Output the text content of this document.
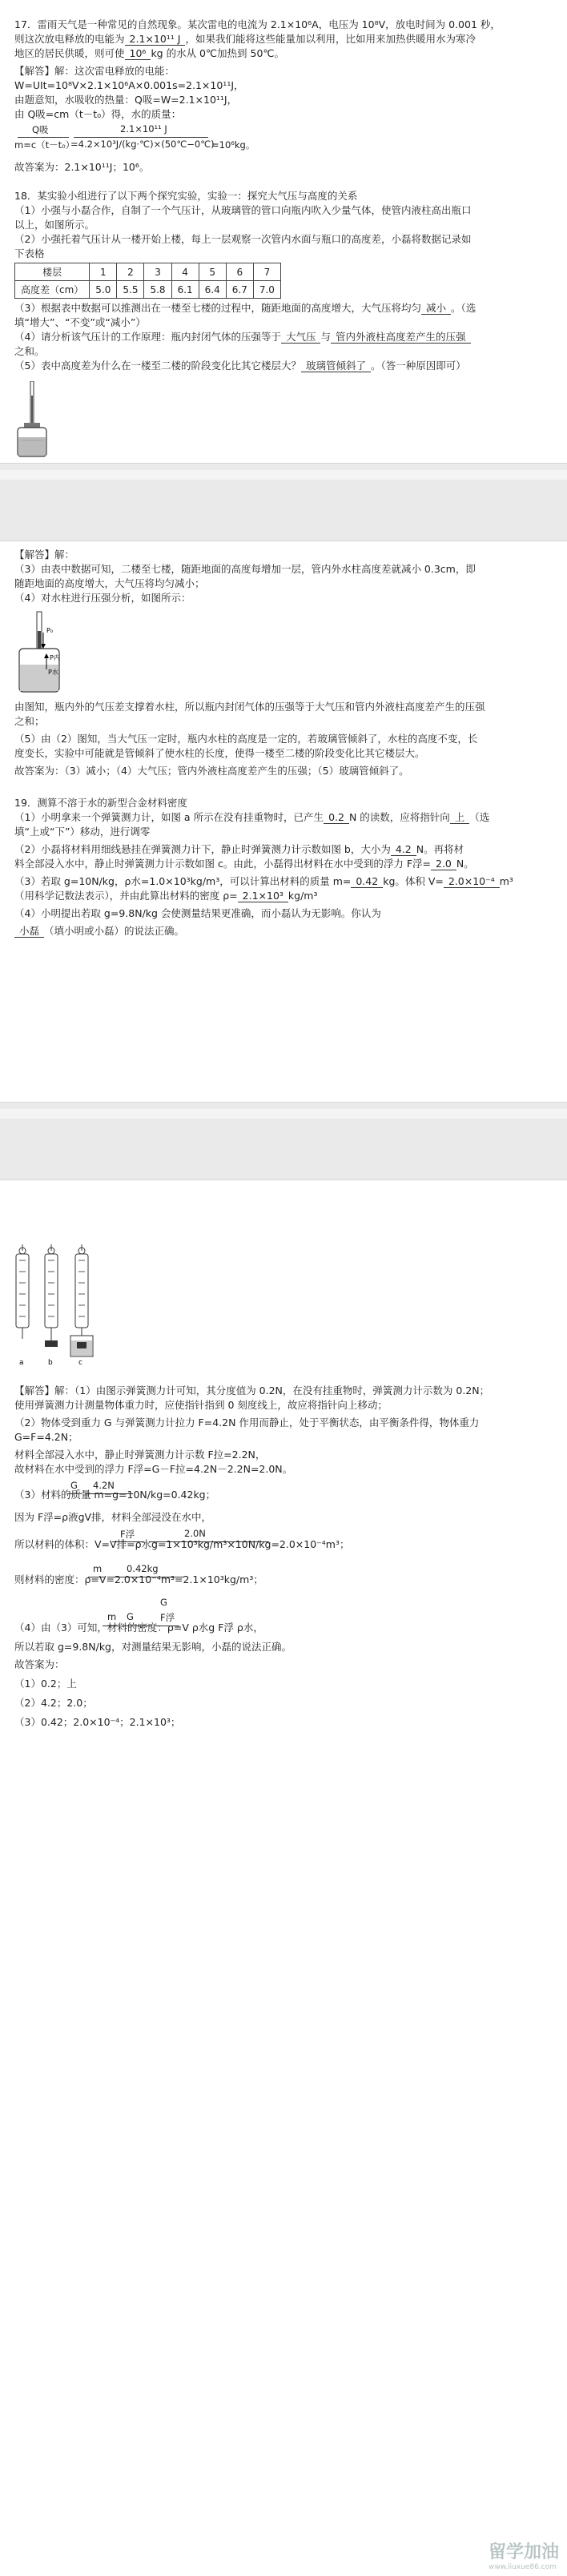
17．雷雨天气是一种常见的自然现象。某次雷电的电流为 2.1×10⁶A，电压为 10⁸V，放电时间为 0.001 秒，
则这次放电释放的电能为 2.1×10¹¹ J ，如果我们能将这些能量加以利用，比如用来加热供暖用水为寒冷
地区的居民供暖，则可使 10⁶ kg 的水从 0℃加热到 50℃。
【解答】解：这次雷电释放的电能：
W=UIt=10⁸V×2.1×10⁶A×0.001s=2.1×10¹¹J，
由题意知，水吸收的热量：Q吸=W=2.1×10¹¹J，
由 Q吸=cm（t－t₀）得，水的质量：
Q吸	2.1×10¹¹ J
m=c（t－t₀）
=4.2×10³J/(kg·℃)×(50℃−0℃)
=10⁶kg。
故答案为：2.1×10¹¹J；10⁶。
18．某实验小组进行了以下两个探究实验，实验一：探究大气压与高度的关系
（1）小强与小磊合作，自制了一个气压计，从玻璃管的管口向瓶内吹入少量气体，使管内液柱高出瓶口
以上，如图所示。
（2）小强托着气压计从一楼开始上楼，每上一层观察一次管内水面与瓶口的高度差，小磊将数据记录如
下表格
楼层	1	2	3	4	5	6	7
高度差（cm）	5.0	5.5	5.8	6.1	6.4	6.7	7.0
（3）根据表中数据可以推测出在一楼至七楼的过程中，随距地面的高度增大，大气压将均匀 减小 。（选
填“增大”、“不变”或“减小”）
（4）请分析该气压计的工作原理：瓶内封闭气体的压强等于 大气压 与 管内外液柱高度差产生的压强
之和。
（5）表中高度差为什么在一楼至二楼的阶段变化比其它楼层大？ 玻璃管倾斜了 。（答一种原因即可）
【解答】解：
（3）由表中数据可知，二楼至七楼，随距地面的高度每增加一层，管内外水柱高度差就减小 0.3cm，即
随距地面的高度增大，大气压将均匀减小；
（4）对水柱进行压强分析，如图所示：
P₀
P内
P水
由图知，瓶内外的气压差支撑着水柱，所以瓶内封闭气体的压强等于大气压和管内外液柱高度差产生的压强
之和；
（5）由（2）图知，当大气压一定时，瓶内水柱的高度是一定的，若玻璃管倾斜了，水柱的高度不变，长
度变长，实验中可能就是管倾斜了使水柱的长度，使得一楼至二楼的阶段变化比其它楼层大。
故答案为：（3）减小；（4）大气压；管内外液柱高度差产生的压强；（5）玻璃管倾斜了。
19．测算不溶于水的新型合金材料密度
（1）小明拿来一个弹簧测力计，如图 a 所示在没有挂重物时，已产生 0.2 N 的读数，应将指针向 上 （选
填“上或“下”）移动，进行调零
（2）小磊将材料用细线悬挂在弹簧测力计下，静止时弹簧测力计示数如图 b，大小为 4.2 N。再将材
料全部浸入水中，静止时弹簧测力计示数如图 c。由此，小磊得出材料在水中受到的浮力 F浮= 2.0 N。
（3）若取 g=10N/kg，ρ水=1.0×10³kg/m³，可以计算出材料的质量 m= 0.42 kg。体积 V= 2.0×10⁻⁴ m³
（用科学记数法表示），并由此算出材料的密度 ρ= 2.1×10³ kg/m³
（4）小明提出若取 g=9.8N/kg 会使测量结果更准确，而小磊认为无影响。你认为
小磊 （填小明或小磊）的说法正确。
a	b	c
【解答】解：（1）由图示弹簧测力计可知，其分度值为 0.2N，在没有挂重物时，弹簧测力计示数为 0.2N；
使用弹簧测力计测量物体重力时，应使指针指到 0 刻度线上，故应将指针向上移动；
（2）物体受到重力 G 与弹簧测力计拉力 F=4.2N 作用而静止，处于平衡状态，由平衡条件得，物体重力
G=F=4.2N；
材料全部浸入水中，静止时弹簧测力计示数 F拉=2.2N，
故材料在水中受到的浮力 F浮=G－F拉=4.2N－2.2N=2.0N。
G 4.2N
（3）材料的质量 m=g=10N/kg=0.42kg；
因为 F浮=ρ液gV排，材料全部浸没在水中，
F浮	2.0N
所以材料的体积：V=V排=ρ水g=1×10³kg/m³×10N/kg=2.0×10⁻⁴m³；
m	0.42kg
则材料的密度：ρ=V=2.0×10⁻⁴m³=2.1×10³kg/m³；
G
m G	F浮
（4）由（3）可知，材料的密度：ρ=V ρ水g F浮 ρ水，
所以若取 g=9.8N/kg，对测量结果无影响，小磊的说法正确。
故答案为：
（1）0.2；上
（2）4.2；2.0；
（3）0.42；2.0×10⁻⁴；2.1×10³；
留学加油
www.liuxue86.com
